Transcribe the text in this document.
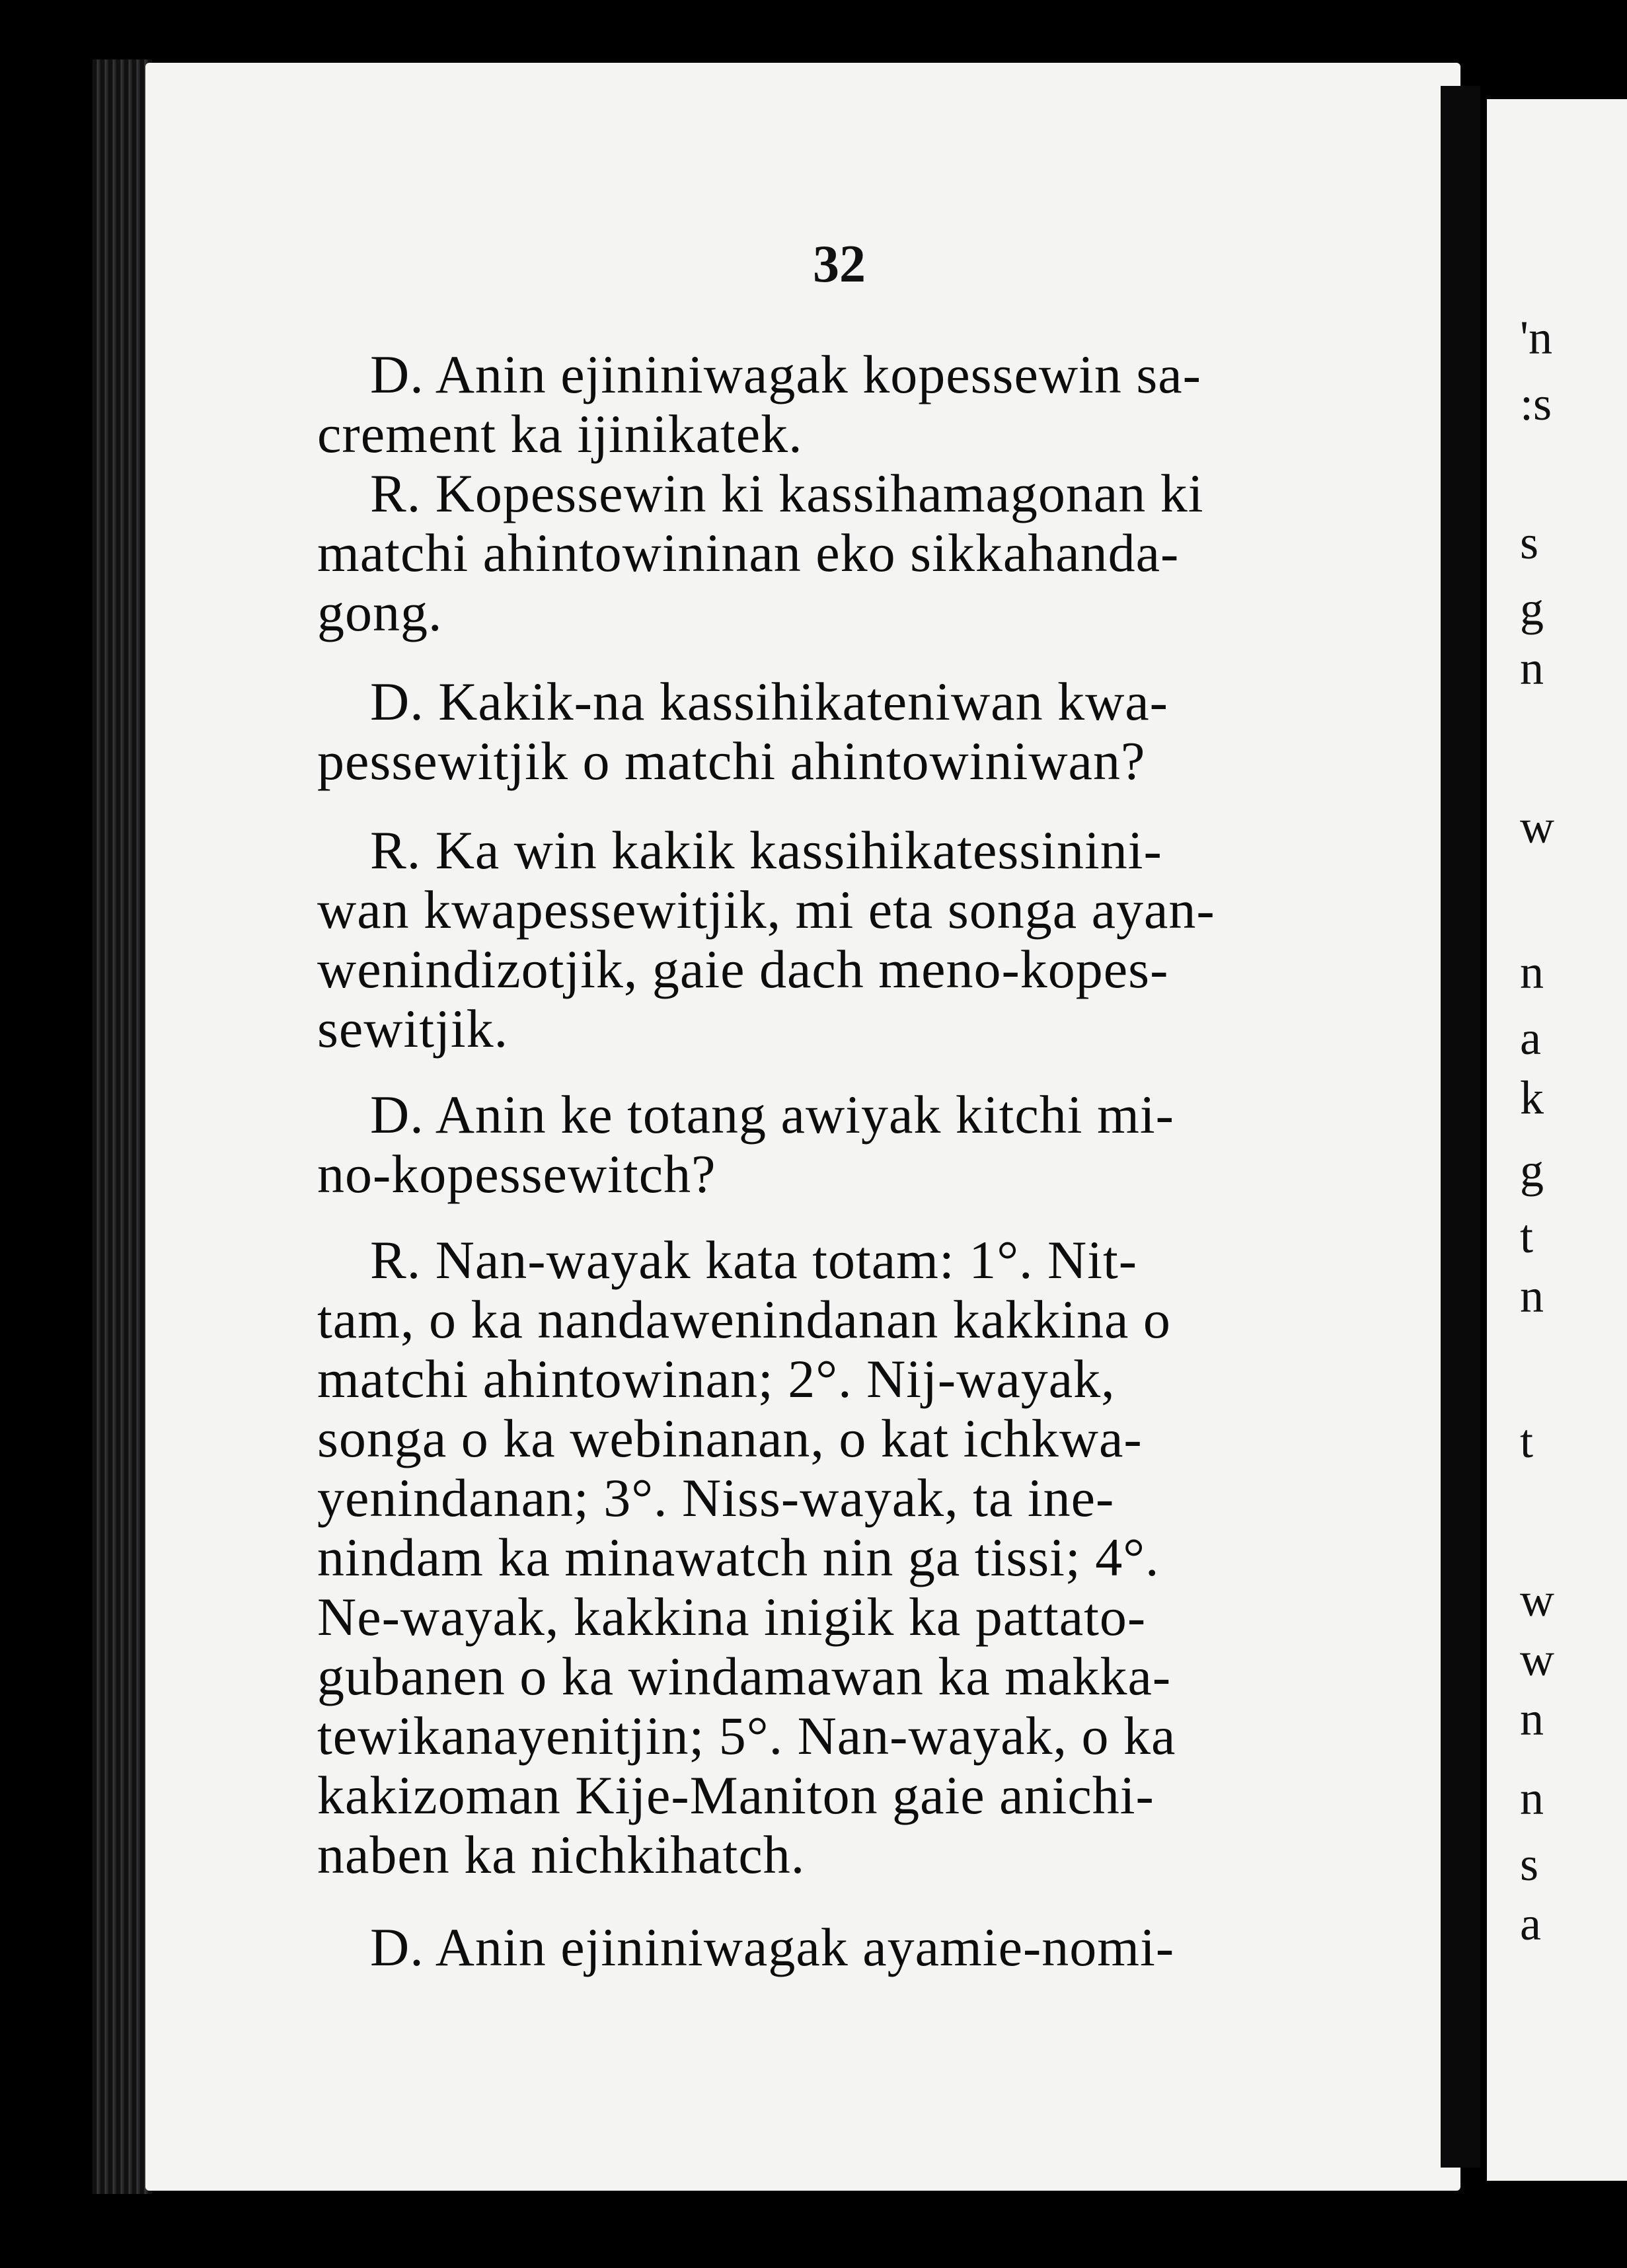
32
D. Anin ejininiwagak kopessewin sa-
crement ka ijinikatek.
R. Kopessewin ki kassihamagonan ki
matchi ahintowininan eko sikkahanda-
gong.
D. Kakik-na kassihikateniwan kwa-
pessewitjik o matchi ahintowiniwan?
R. Ka win kakik kassihikatessinini-
wan kwapessewitjik, mi eta songa ayan-
wenindizotjik, gaie dach meno-kopes-
sewitjik.
D. Anin ke totang awiyak kitchi mi-
no-kopessewitch?
R. Nan-wayak kata totam: 1°. Nit-
tam, o ka nandawenindanan kakkina o
matchi ahintowinan; 2°. Nij-wayak,
songa o ka webinanan, o kat ichkwa-
yenindanan; 3°. Niss-wayak, ta ine-
nindam ka minawatch nin ga tissi; 4°.
Ne-wayak, kakkina inigik ka pattato-
gubanen o ka windamawan ka makka-
tewikanayenitjin; 5°. Nan-wayak, o ka
kakizoman Kije-Maniton gaie anichi-
naben ka nichkihatch.
D. Anin ejininiwagak ayamie-nomi-
'n
:s
s
g
n
w
n
a
k
g
t
n
t
w
w
n
n
s
a
